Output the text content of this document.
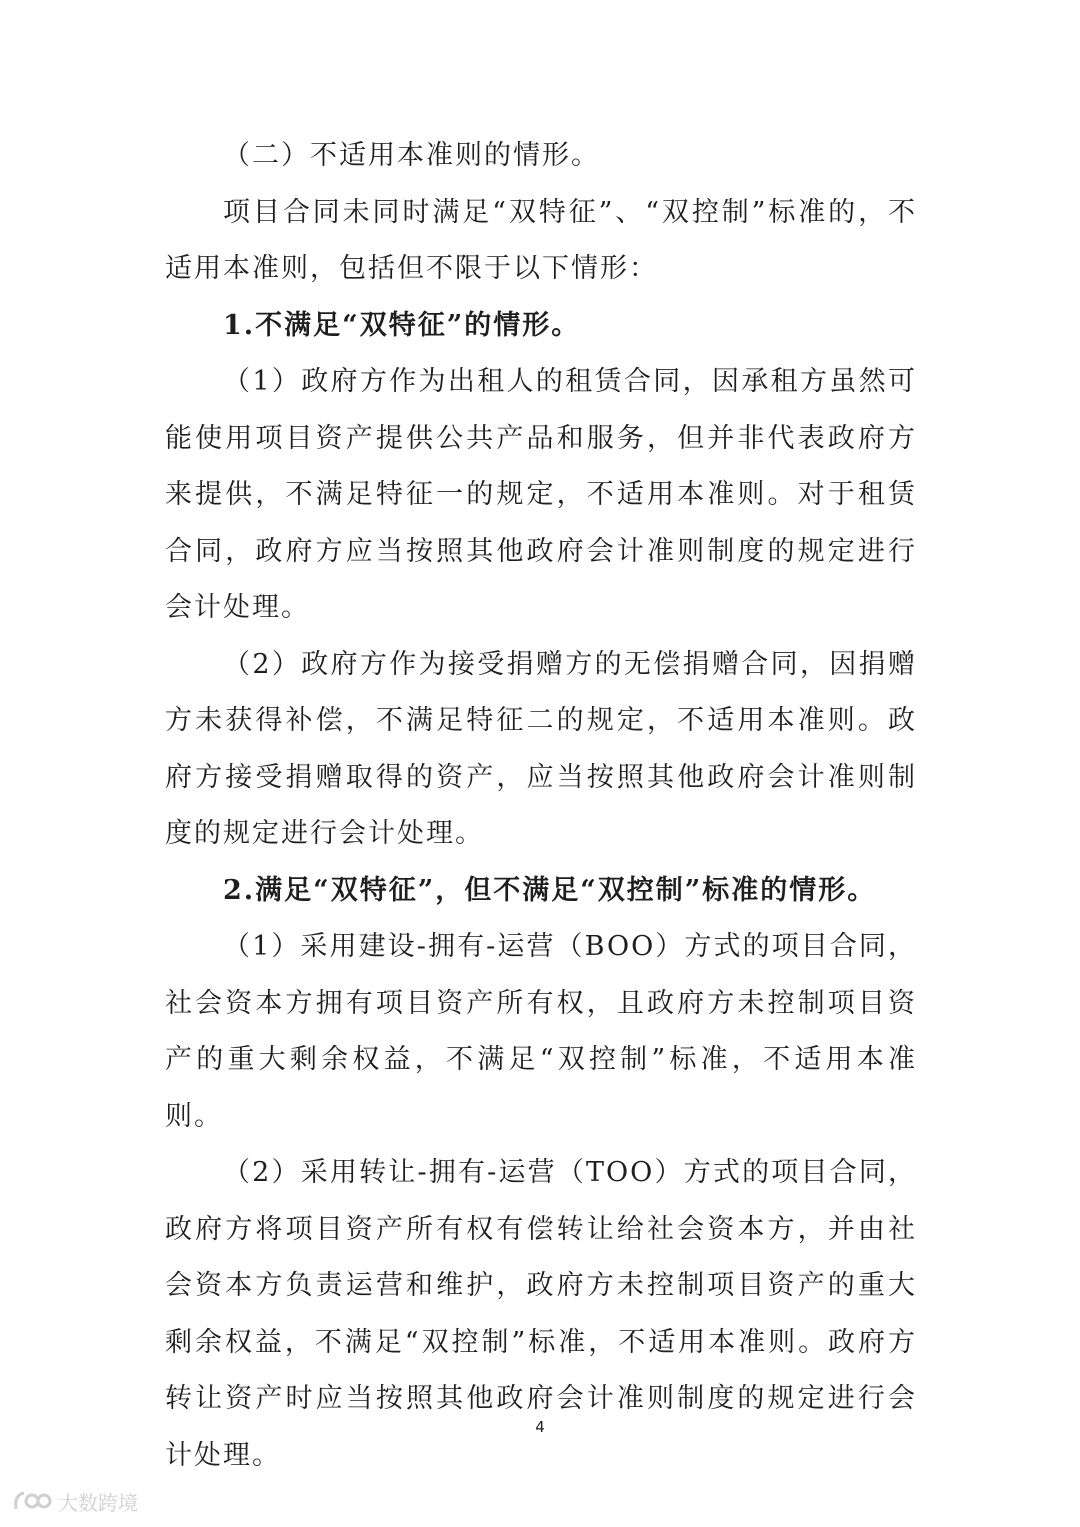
（二）不适用本准则的情形。

项目合同未同时满足“双特征”、“双控制”标准的，不适用本准则，包括但不限于以下情形：

1.不满足“双特征”的情形。

（1）政府方作为出租人的租赁合同，因承租方虽然可能使用项目资产提供公共产品和服务，但并非代表政府方来提供，不满足特征一的规定，不适用本准则。对于租赁合同，政府方应当按照其他政府会计准则制度的规定进行会计处理。

（2）政府方作为接受捐赠方的无偿捐赠合同，因捐赠方未获得补偿，不满足特征二的规定，不适用本准则。政府方接受捐赠取得的资产，应当按照其他政府会计准则制度的规定进行会计处理。

2.满足“双特征”，但不满足“双控制”标准的情形。

（1）采用建设-拥有-运营（BOO）方式的项目合同，社会资本方拥有项目资产所有权，且政府方未控制项目资产的重大剩余权益，不满足“双控制”标准，不适用本准则。

（2）采用转让-拥有-运营（TOO）方式的项目合同，政府方将项目资产所有权有偿转让给社会资本方，并由社会资本方负责运营和维护，政府方未控制项目资产的重大剩余权益，不满足“双控制”标准，不适用本准则。政府方转让资产时应当按照其他政府会计准则制度的规定进行会计处理。

4
大数跨境
